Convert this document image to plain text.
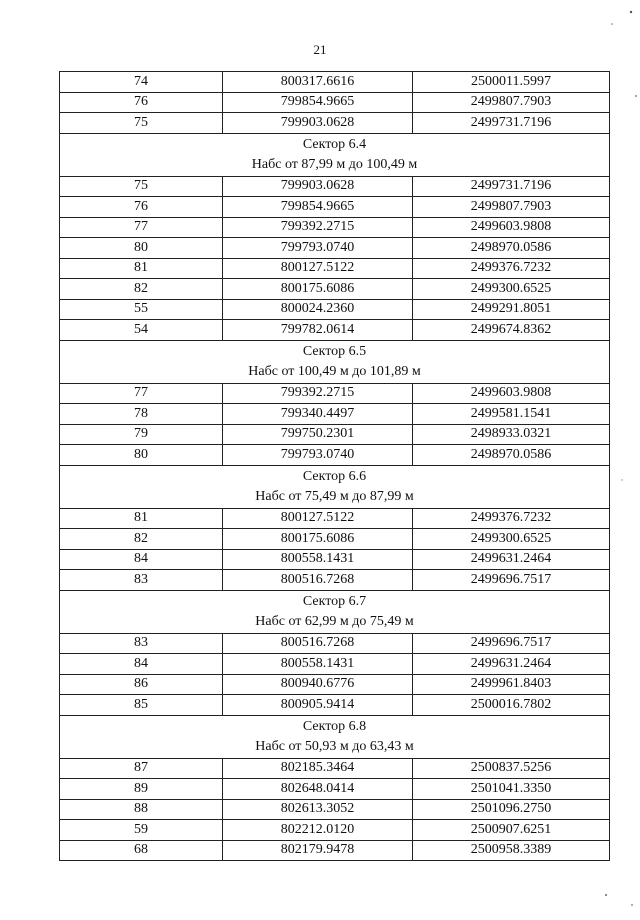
21
74	800317.6616	2500011.5997
76	799854.9665	2499807.7903
75	799903.0628	2499731.7196

Сектор 6.4
Набс от 87,99 м до 100,49 м		

75	799903.0628	2499731.7196
76	799854.9665	2499807.7903
77	799392.2715	2499603.9808
80	799793.0740	2498970.0586
81	800127.5122	2499376.7232
82	800175.6086	2499300.6525
55	800024.2360	2499291.8051
54	799782.0614	2499674.8362

Сектор 6.5
Набс от 100,49 м до 101,89 м		

77	799392.2715	2499603.9808
78	799340.4497	2499581.1541
79	799750.2301	2498933.0321
80	799793.0740	2498970.0586

Сектор 6.6
Набс от 75,49 м до 87,99 м		

81	800127.5122	2499376.7232
82	800175.6086	2499300.6525
84	800558.1431	2499631.2464
83	800516.7268	2499696.7517

Сектор 6.7
Набс от 62,99 м до 75,49 м		

83	800516.7268	2499696.7517
84	800558.1431	2499631.2464
86	800940.6776	2499961.8403
85	800905.9414	2500016.7802

Сектор 6.8
Набс от 50,93 м до 63,43 м		

87	802185.3464	2500837.5256
89	802648.0414	2501041.3350
88	802613.3052	2501096.2750
59	802212.0120	2500907.6251
68	802179.9478	2500958.3389
